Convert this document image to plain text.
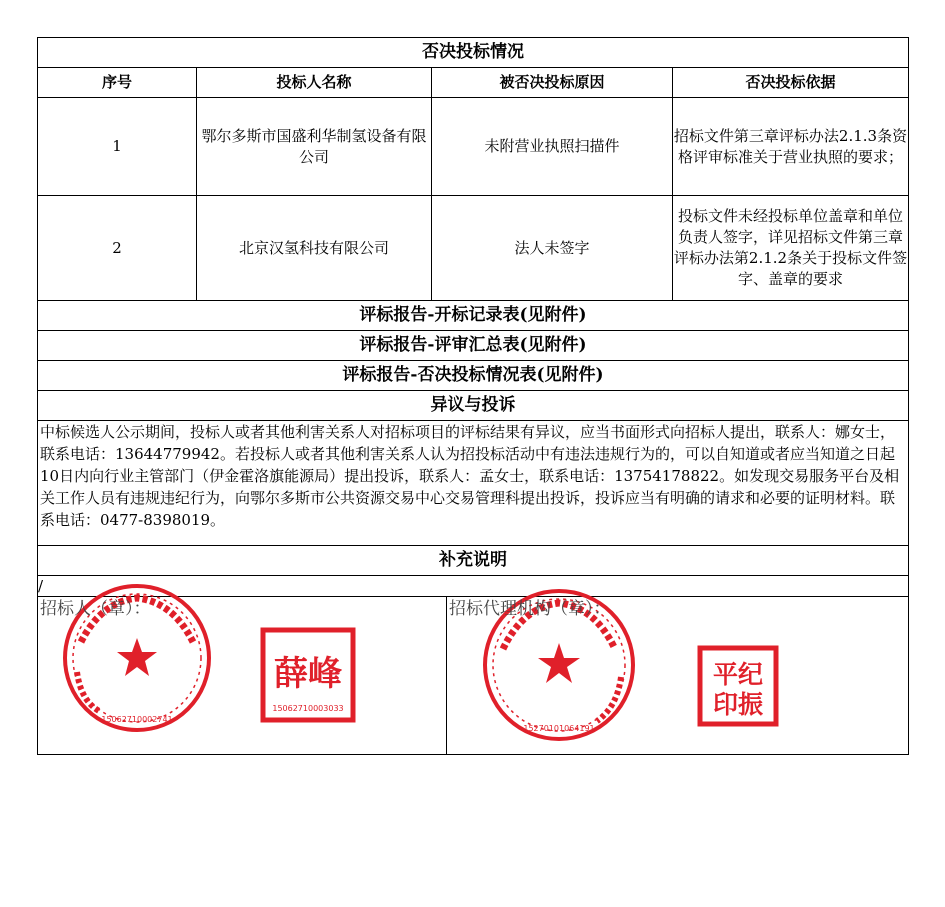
否决投标情况			
序号	投标人名称	被否决投标原因	否决投标依据
1	鄂尔多斯市国盛利华制氢设备有限公司	未附营业执照扫描件	招标文件第三章评标办法2.1.3条资格评审标准关于营业执照的要求；
2	北京汉氢科技有限公司	法人未签字	投标文件未经投标单位盖章和单位负责人签字，详见招标文件第三章评标办法第2.1.2条关于投标文件签字、盖章的要求
评标报告-开标记录表(见附件)			
评标报告-评审汇总表(见附件)			
评标报告-否决投标情况表(见附件)			
异议与投诉			
中标候选人公示期间，投标人或者其他利害关系人对招标项目的评标结果有异议，应当书面形式向招标人提出，联系人：娜女士，联系电话：13644779942。若投标人或者其他利害关系人认为招投标活动中有违法违规行为的，可以自知道或者应当知道之日起10日内向行业主管部门（伊金霍洛旗能源局）提出投诉，联系人：孟女士，联系电话：13754178822。如发现交易服务平台及相关工作人员有违规违纪行为，向鄂尔多斯市公共资源交易中心交易管理科提出投诉，投诉应当有明确的请求和必要的证明材料。联系电话：0477-8398019。			
补充说明			
/			
招标人（章）：
15062710002741
薛峰
15062710003033

招标代理机构（章）：
15270101064191
平纪印振
